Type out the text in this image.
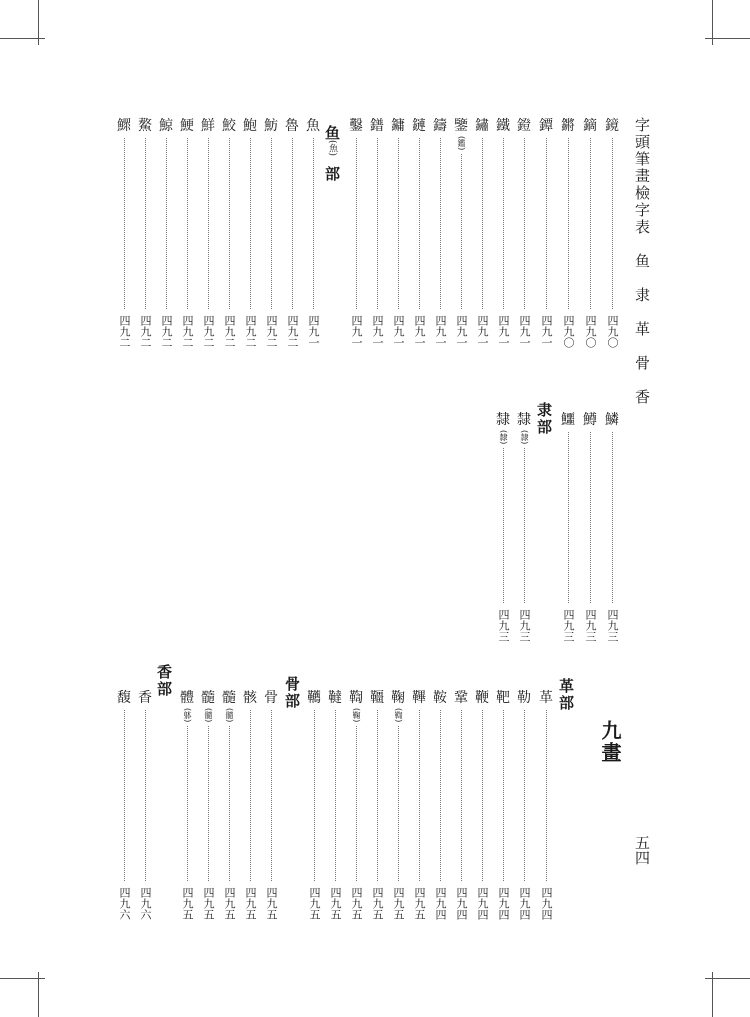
字頭筆畫檢字表　鱼　隶　革　骨　香
五四
九畫
鏡
四九〇
鏑
四九〇
鏘
四九〇
鐔
四九一
鐙
四九一
鐵
四九一
鏽
四九一
鑒
(鑑)
四九一
鑄
四九一
鏈
四九一
鏞
四九一
鐠
四九一
鑿
四九一
鱼(魚)部
魚
四九一
魯
四九二
魴
四九二
鮑
四九二
鮫
四九二
鮮
四九二
鯁
四九二
鯨
四九二
鰲
四九二
鰥
四九二
鱗
四九三
鱒
四九三
鱷
四九三
隶部
隸
(隷)
四九三
隸
(隸)
四九三
革部
革
四九四
勒
四九四
靶
四九四
鞭
四九四
鞏
四九四
鞍
四九四
鞸
四九五
鞠
(鞫)
四九五
韁
四九五
鞫
(鞠)
四九五
韃
四九五
韉
四九五
骨部
骨
四九五
骸
四九五
髓
(髓)
四九五
髓
(髓)
四九五
體
(躰)
四九五
香部
香
四九六
馥
四九六
